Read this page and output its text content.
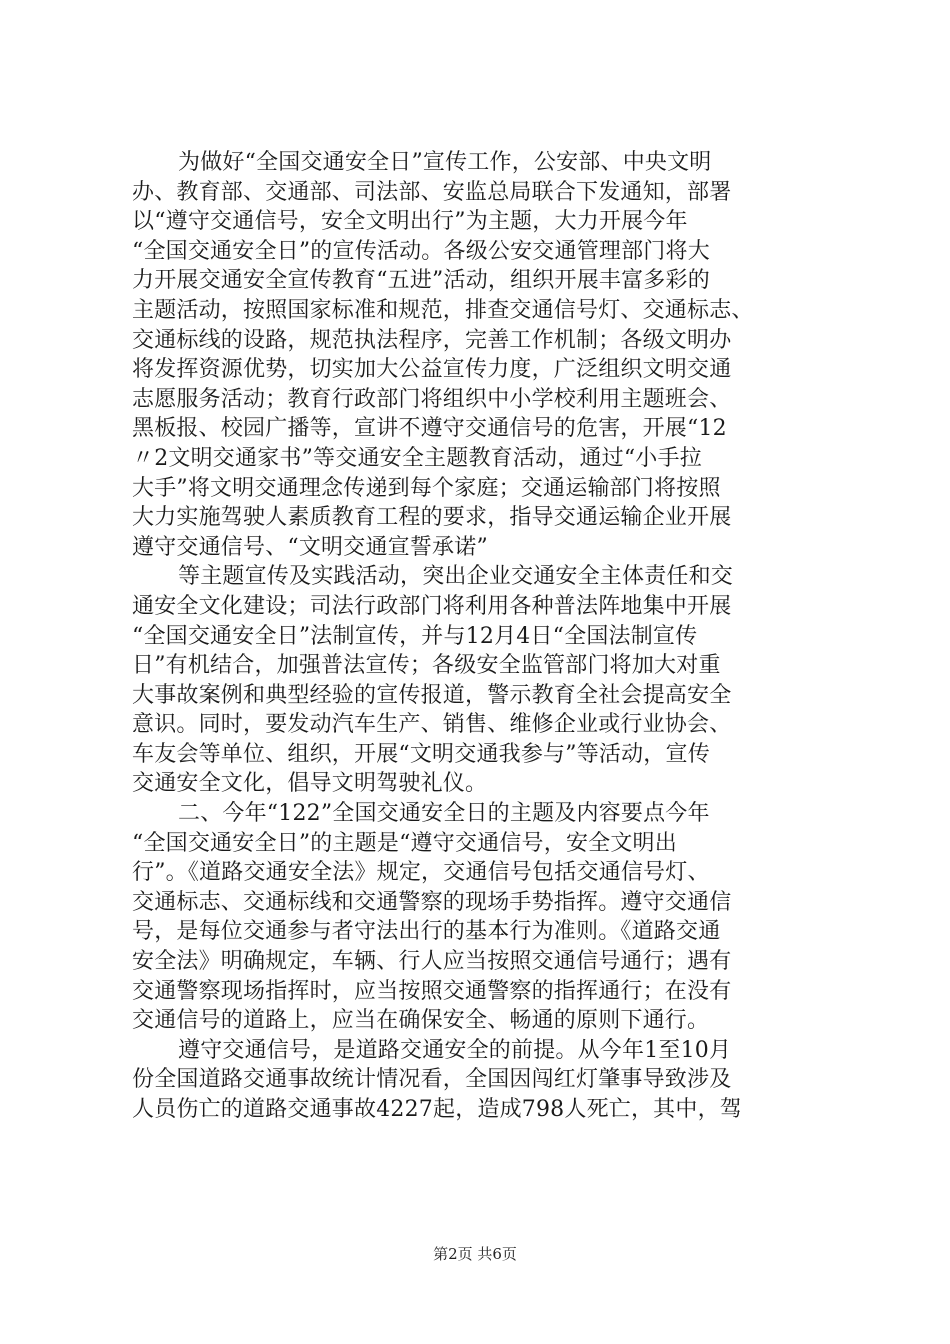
为做好“全国交通安全日”宣传工作，公安部、中央文明
办、教育部、交通部、司法部、安监总局联合下发通知，部署
以“遵守交通信号，安全文明出行”为主题，大力开展今年
“全国交通安全日”的宣传活动。各级公安交通管理部门将大
力开展交通安全宣传教育“五进”活动，组织开展丰富多彩的
主题活动，按照国家标准和规范，排查交通信号灯、交通标志、
交通标线的设路，规范执法程序，完善工作机制；各级文明办
将发挥资源优势，切实加大公益宣传力度，广泛组织文明交通
志愿服务活动；教育行政部门将组织中小学校利用主题班会、
黑板报、校园广播等，宣讲不遵守交通信号的危害，开展“12
〃2文明交通家书”等交通安全主题教育活动，通过“小手拉
大手”将文明交通理念传递到每个家庭；交通运输部门将按照
大力实施驾驶人素质教育工程的要求，指导交通运输企业开展
遵守交通信号、“文明交通宣誓承诺”
等主题宣传及实践活动，突出企业交通安全主体责任和交
通安全文化建设；司法行政部门将利用各种普法阵地集中开展
“全国交通安全日”法制宣传，并与12月4日“全国法制宣传
日”有机结合，加强普法宣传；各级安全监管部门将加大对重
大事故案例和典型经验的宣传报道，警示教育全社会提高安全
意识。同时，要发动汽车生产、销售、维修企业或行业协会、
车友会等单位、组织，开展“文明交通我参与”等活动，宣传
交通安全文化，倡导文明驾驶礼仪。
二、今年“122”全国交通安全日的主题及内容要点今年
“全国交通安全日”的主题是“遵守交通信号，安全文明出
行”。《道路交通安全法》规定，交通信号包括交通信号灯、
交通标志、交通标线和交通警察的现场手势指挥。遵守交通信
号，是每位交通参与者守法出行的基本行为准则。《道路交通
安全法》明确规定，车辆、行人应当按照交通信号通行；遇有
交通警察现场指挥时，应当按照交通警察的指挥通行；在没有
交通信号的道路上，应当在确保安全、畅通的原则下通行。
遵守交通信号，是道路交通安全的前提。从今年1至10月
份全国道路交通事故统计情况看，全国因闯红灯肇事导致涉及
人员伤亡的道路交通事故4227起，造成798人死亡，其中，驾
第2页 共6页
